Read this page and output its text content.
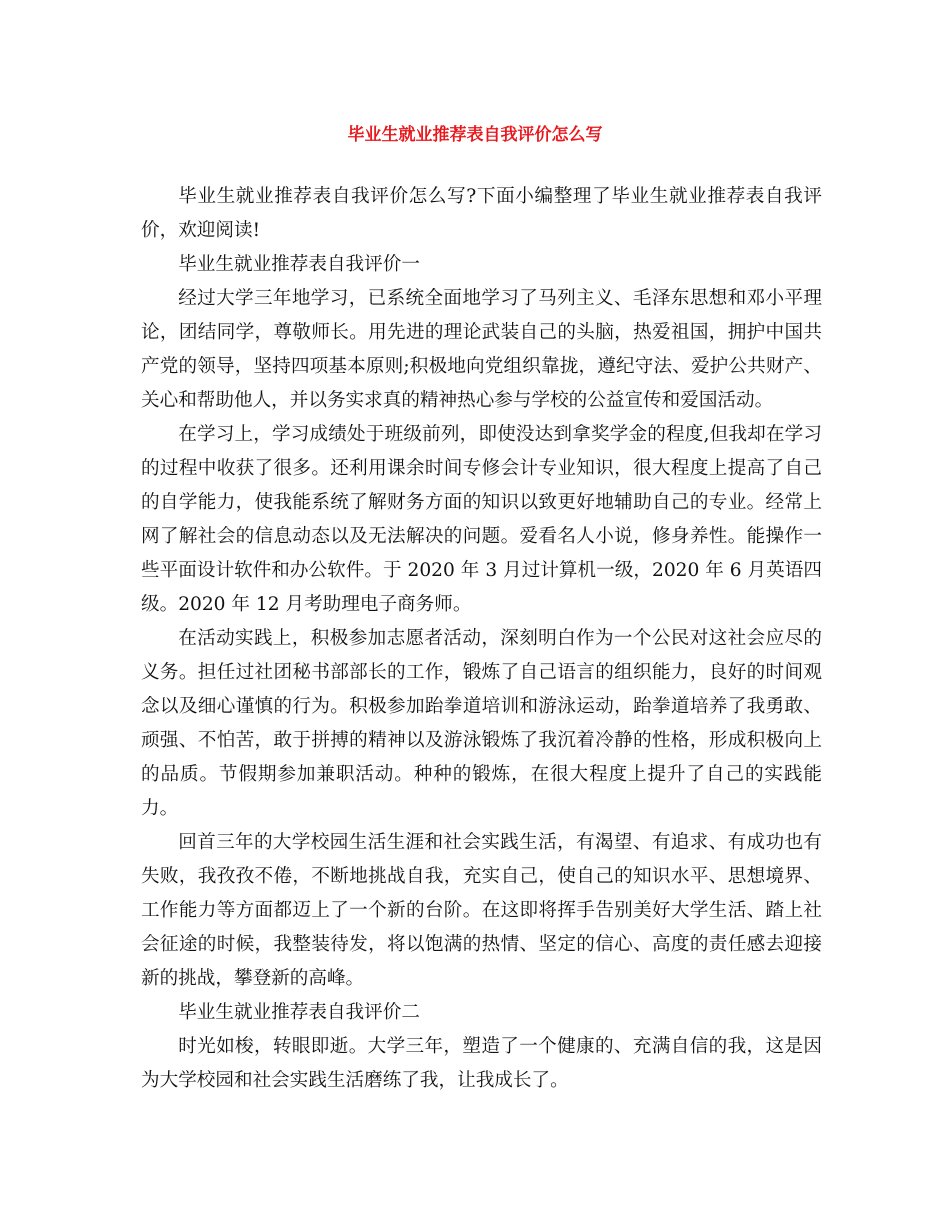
毕业生就业推荐表自我评价怎么写

毕业生就业推荐表自我评价怎么写?下面小编整理了毕业生就业推荐表自我评价，欢迎阅读!

毕业生就业推荐表自我评价一

经过大学三年地学习，已系统全面地学习了马列主义、毛泽东思想和邓小平理论，团结同学，尊敬师长。用先进的理论武装自己的头脑，热爱祖国，拥护中国共产党的领导，坚持四项基本原则;积极地向党组织靠拢，遵纪守法、爱护公共财产、关心和帮助他人，并以务实求真的精神热心参与学校的公益宣传和爱国活动。

在学习上，学习成绩处于班级前列，即使没达到拿奖学金的程度,但我却在学习的过程中收获了很多。还利用课余时间专修会计专业知识，很大程度上提高了自己的自学能力，使我能系统了解财务方面的知识以致更好地辅助自己的专业。经常上网了解社会的信息动态以及无法解决的问题。爱看名人小说，修身养性。能操作一些平面设计软件和办公软件。于 2020 年 3 月过计算机一级，2020 年 6 月英语四级。2020 年 12 月考助理电子商务师。

在活动实践上，积极参加志愿者活动，深刻明白作为一个公民对这社会应尽的义务。担任过社团秘书部部长的工作，锻炼了自己语言的组织能力，良好的时间观念以及细心谨慎的行为。积极参加跆拳道培训和游泳运动，跆拳道培养了我勇敢、顽强、不怕苦，敢于拼搏的精神以及游泳锻炼了我沉着冷静的性格，形成积极向上的品质。节假期参加兼职活动。种种的锻炼，在很大程度上提升了自己的实践能力。

回首三年的大学校园生活生涯和社会实践生活，有渴望、有追求、有成功也有失败，我孜孜不倦，不断地挑战自我，充实自己，使自己的知识水平、思想境界、工作能力等方面都迈上了一个新的台阶。在这即将挥手告别美好大学生活、踏上社会征途的时候，我整装待发，将以饱满的热情、坚定的信心、高度的责任感去迎接新的挑战，攀登新的高峰。

毕业生就业推荐表自我评价二

时光如梭，转眼即逝。大学三年，塑造了一个健康的、充满自信的我，这是因为大学校园和社会实践生活磨练了我，让我成长了。
